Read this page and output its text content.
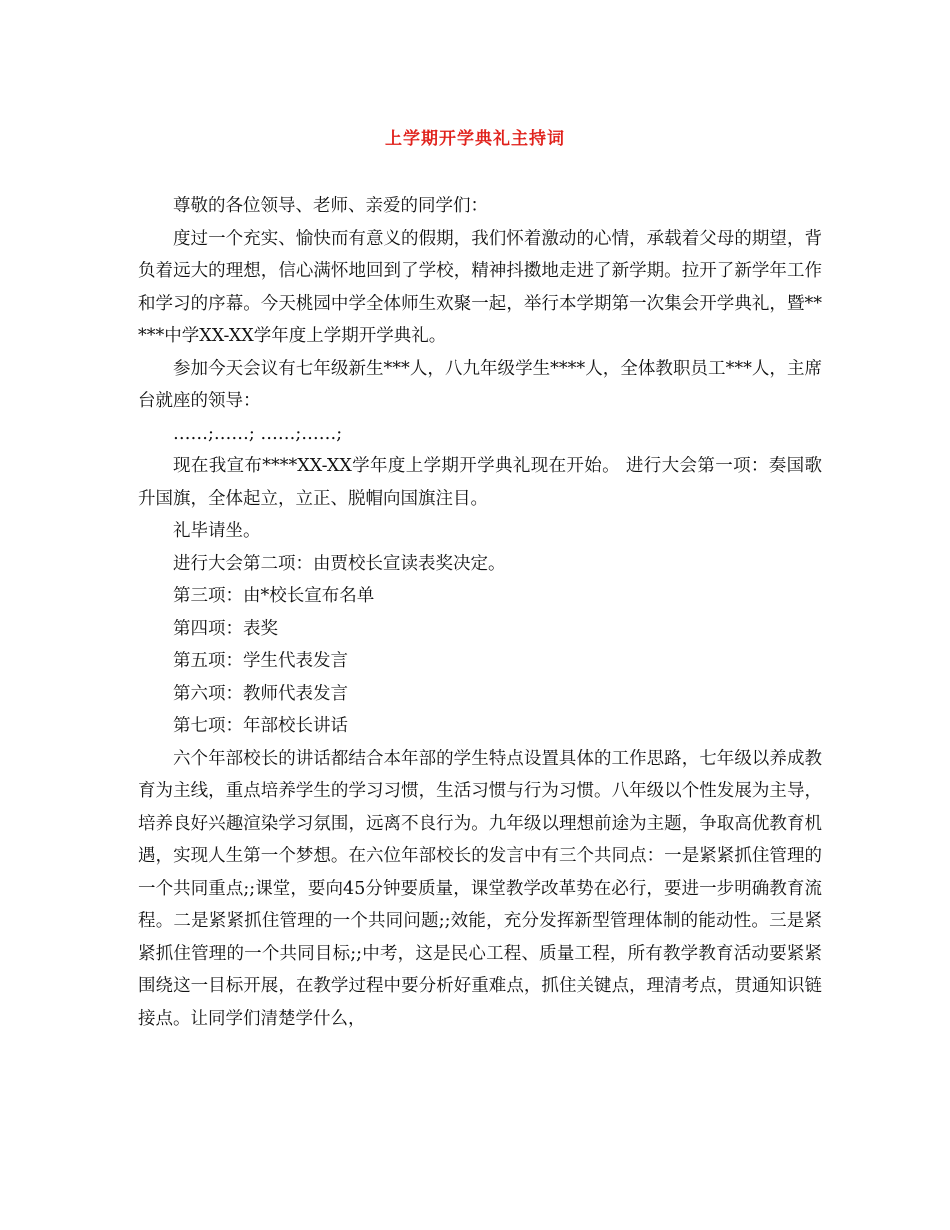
上学期开学典礼主持词

尊敬的各位领导、老师、亲爱的同学们：

度过一个充实、愉快而有意义的假期，我们怀着激动的心情，承载着父母的期望，背负着远大的理想，信心满怀地回到了学校，精神抖擞地走进了新学期。拉开了新学年工作和学习的序幕。今天桃园中学全体师生欢聚一起，举行本学期第一次集会开学典礼，暨*****中学XX-XX学年度上学期开学典礼。

参加今天会议有七年级新生***人，八九年级学生****人，全体教职员工***人，主席台就座的领导：

……;……; ……;……;

现在我宣布****XX-XX学年度上学期开学典礼现在开始。 进行大会第一项：奏国歌升国旗，全体起立，立正、脱帽向国旗注目。

礼毕请坐。

进行大会第二项：由贾校长宣读表奖决定。

第三项：由*校长宣布名单

第四项：表奖

第五项：学生代表发言

第六项：教师代表发言

第七项：年部校长讲话

六个年部校长的讲话都结合本年部的学生特点设置具体的工作思路，七年级以养成教育为主线，重点培养学生的学习习惯，生活习惯与行为习惯。八年级以个性发展为主导，培养良好兴趣渲染学习氛围，远离不良行为。九年级以理想前途为主题，争取高优教育机遇，实现人生第一个梦想。在六位年部校长的发言中有三个共同点：一是紧紧抓住管理的一个共同重点;;课堂，要向45分钟要质量，课堂教学改革势在必行，要进一步明确教育流程。二是紧紧抓住管理的一个共同问题;;效能，充分发挥新型管理体制的能动性。三是紧紧抓住管理的一个共同目标;;中考，这是民心工程、质量工程，所有教学教育活动要紧紧围绕这一目标开展，在教学过程中要分析好重难点，抓住关键点，理清考点，贯通知识链接点。让同学们清楚学什么，
